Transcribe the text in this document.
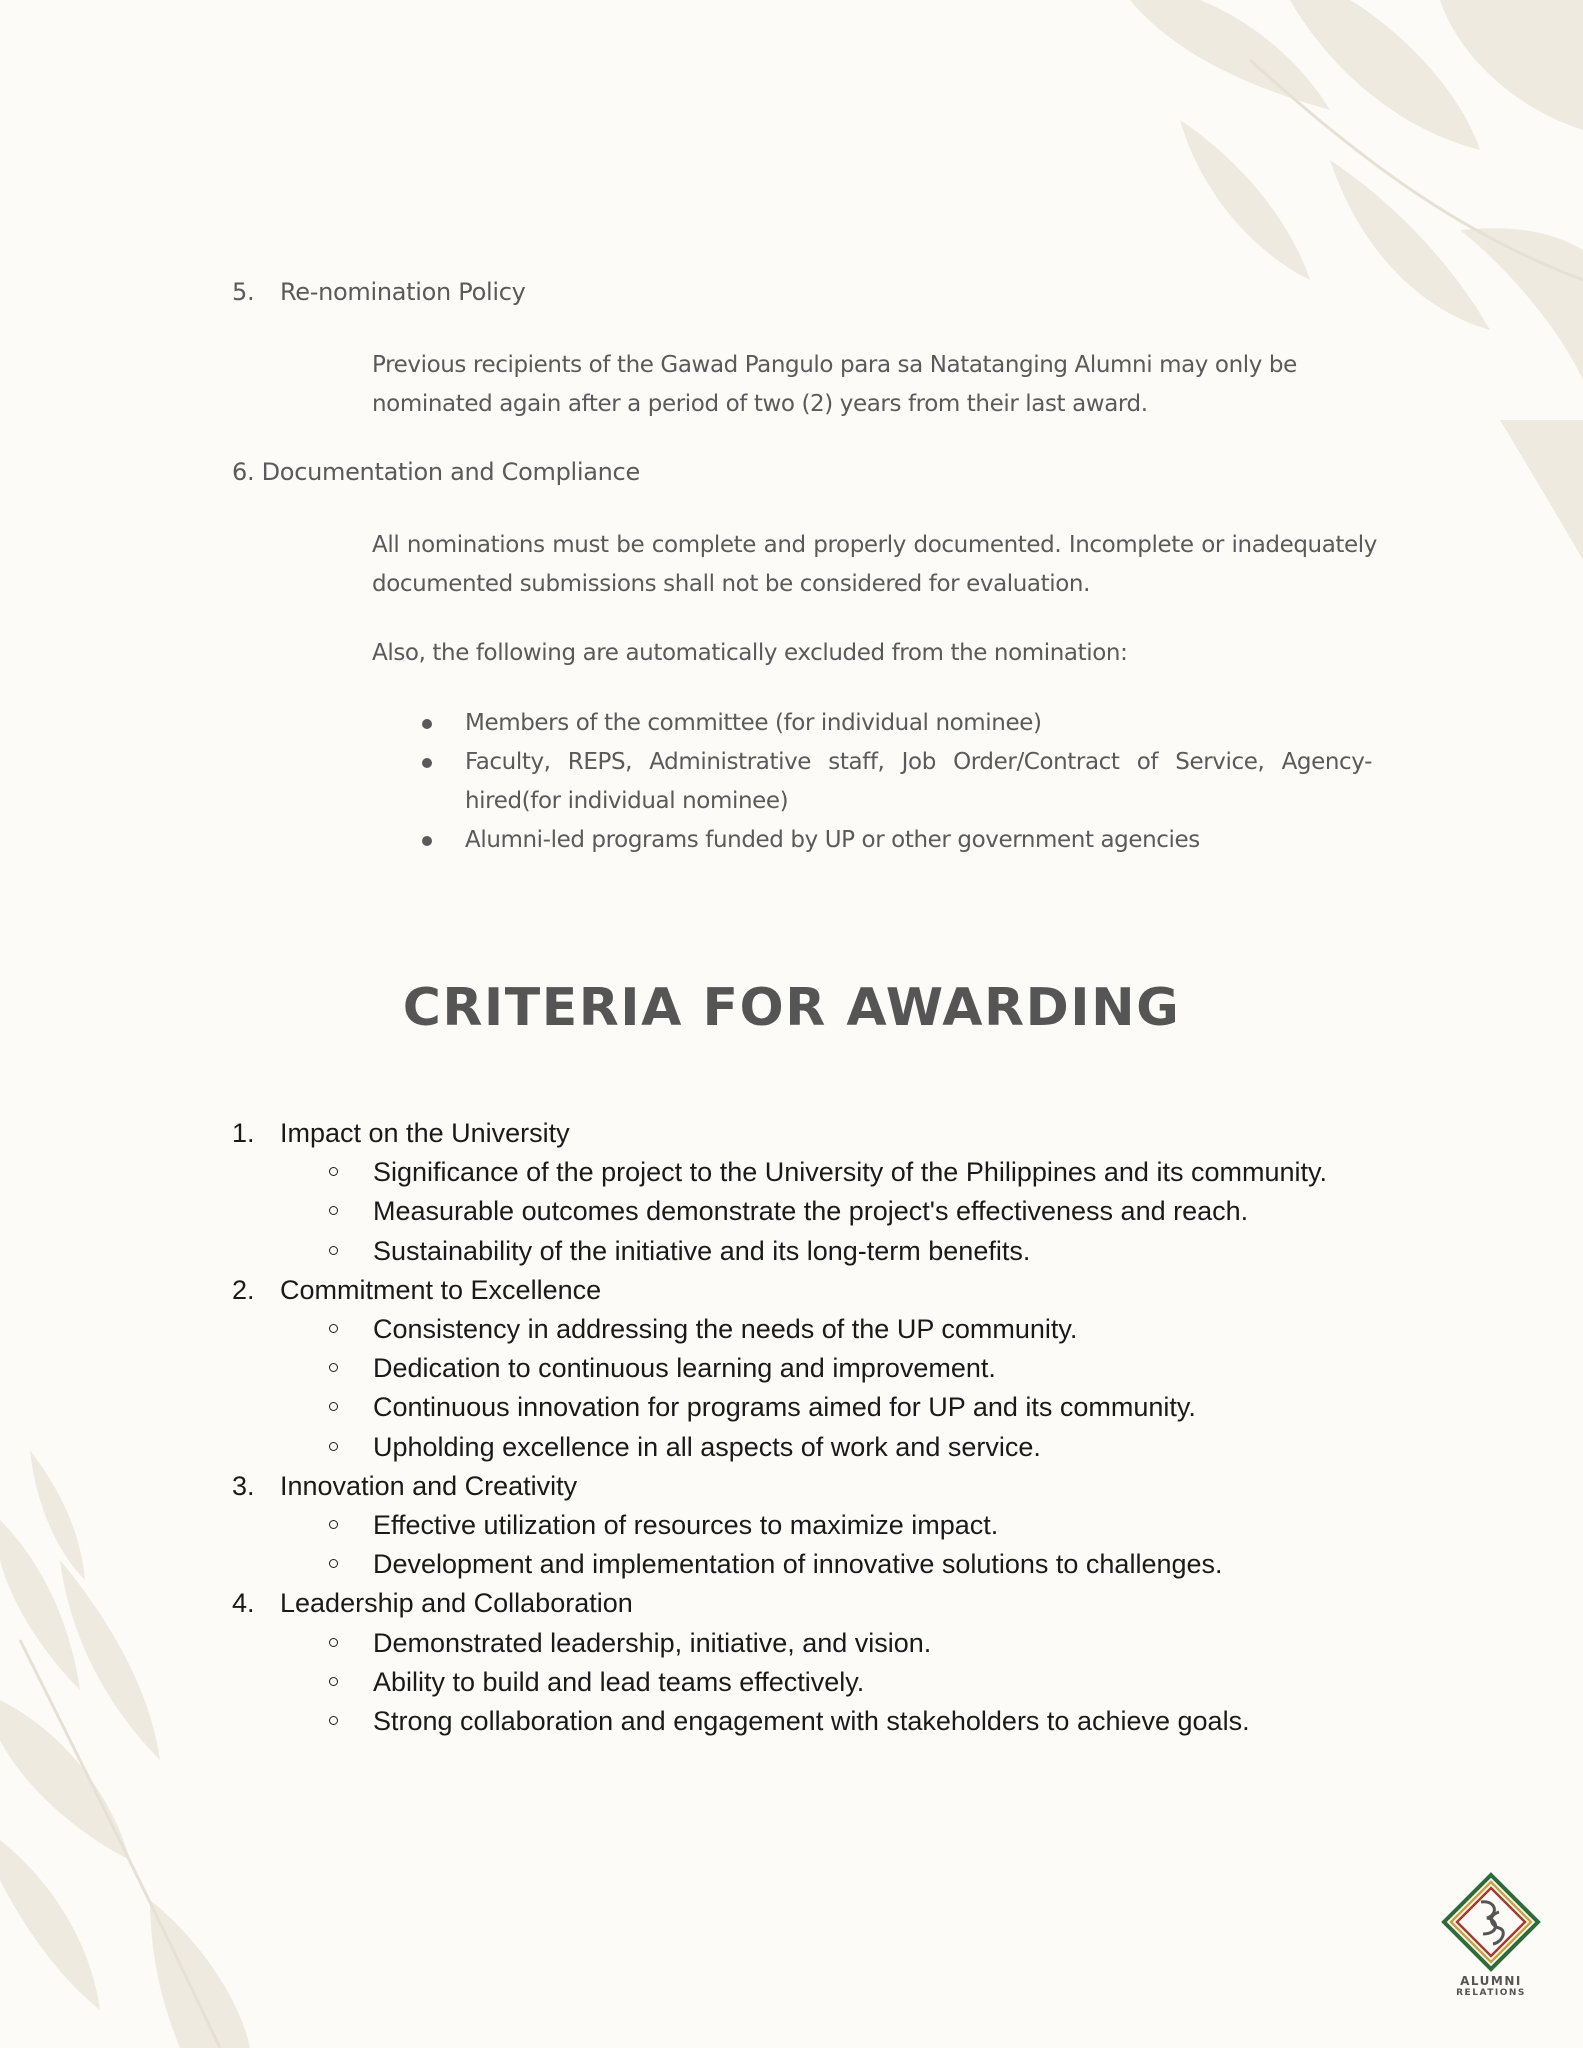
5. Re-nomination Policy

Previous recipients of the Gawad Pangulo para sa Natatanging Alumni may only be nominated again after a period of two (2) years from their last award.

6. Documentation and Compliance

All nominations must be complete and properly documented. Incomplete or inadequately documented submissions shall not be considered for evaluation.

Also, the following are automatically excluded from the nomination:

Members of the committee (for individual nominee)
Faculty, REPS, Administrative staff, Job Order/Contract of Service, Agency-hired(for individual nominee)
Alumni-led programs funded by UP or other government agencies
CRITERIA FOR AWARDING
1. Impact on the University
Significance of the project to the University of the Philippines and its community.
Measurable outcomes demonstrate the project's effectiveness and reach.
Sustainability of the initiative and its long-term benefits.
2. Commitment to Excellence
Consistency in addressing the needs of the UP community.
Dedication to continuous learning and improvement.
Continuous innovation for programs aimed for UP and its community.
Upholding excellence in all aspects of work and service.
3. Innovation and Creativity
Effective utilization of resources to maximize impact.
Development and implementation of innovative solutions to challenges.
4. Leadership and Collaboration
Demonstrated leadership, initiative, and vision.
Ability to build and lead teams effectively.
Strong collaboration and engagement with stakeholders to achieve goals.
ALUMNI
RELATIONS
